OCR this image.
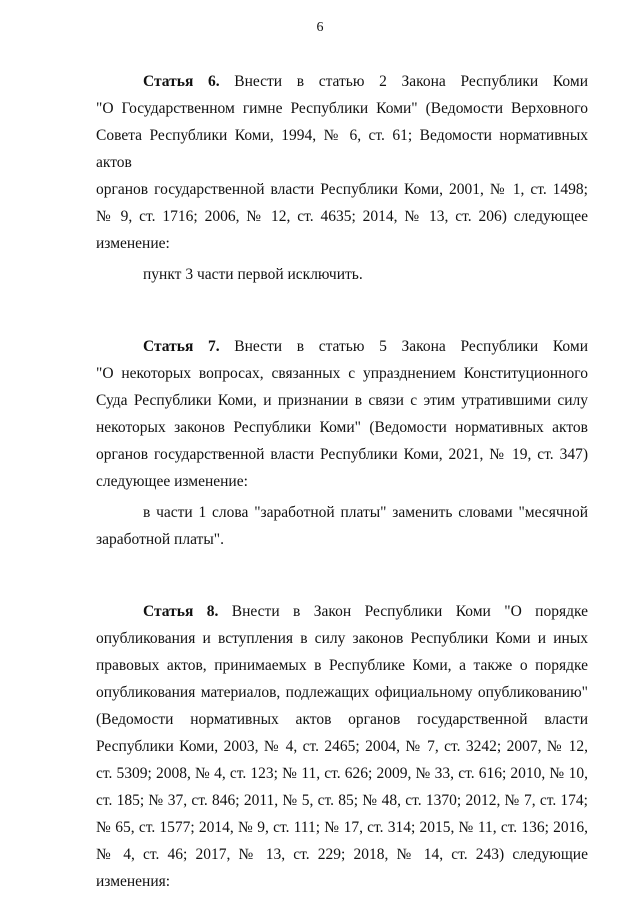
6
Статья 6. Внести в статью 2 Закона Республики Коми
"О Государственном гимне Республики Коми" (Ведомости Верховного
Совета Республики Коми, 1994, № 6, ст. 61; Ведомости нормативных актов
органов государственной власти Республики Коми, 2001, № 1, ст. 1498;
№ 9, ст. 1716; 2006, № 12, ст. 4635; 2014, № 13, ст. 206) следующее
изменение:
пункт 3 части первой исключить.
Статья 7. Внести в статью 5 Закона Республики Коми
"О некоторых вопросах, связанных с упразднением Конституционного
Суда Республики Коми, и признании в связи с этим утратившими силу
некоторых законов Республики Коми" (Ведомости нормативных актов
органов государственной власти Республики Коми, 2021, № 19, ст. 347)
следующее изменение:
в части 1 слова "заработной платы" заменить словами "месячной
заработной платы".
Статья 8. Внести в Закон Республики Коми "О порядке
опубликования и вступления в силу законов Республики Коми и иных
правовых актов, принимаемых в Республике Коми, а также о порядке
опубликования материалов, подлежащих официальному опубликованию"
(Ведомости нормативных актов органов государственной власти
Республики Коми, 2003, № 4, ст. 2465; 2004, № 7, ст. 3242; 2007, № 12,
ст. 5309; 2008, № 4, ст. 123; № 11, ст. 626; 2009, № 33, ст. 616; 2010, № 10,
ст. 185; № 37, ст. 846; 2011, № 5, ст. 85; № 48, ст. 1370; 2012, № 7, ст. 174;
№ 65, ст. 1577; 2014, № 9, ст. 111; № 17, ст. 314; 2015, № 11, ст. 136; 2016,
№ 4, ст. 46; 2017, № 13, ст. 229; 2018, № 14, ст. 243) следующие
изменения:
